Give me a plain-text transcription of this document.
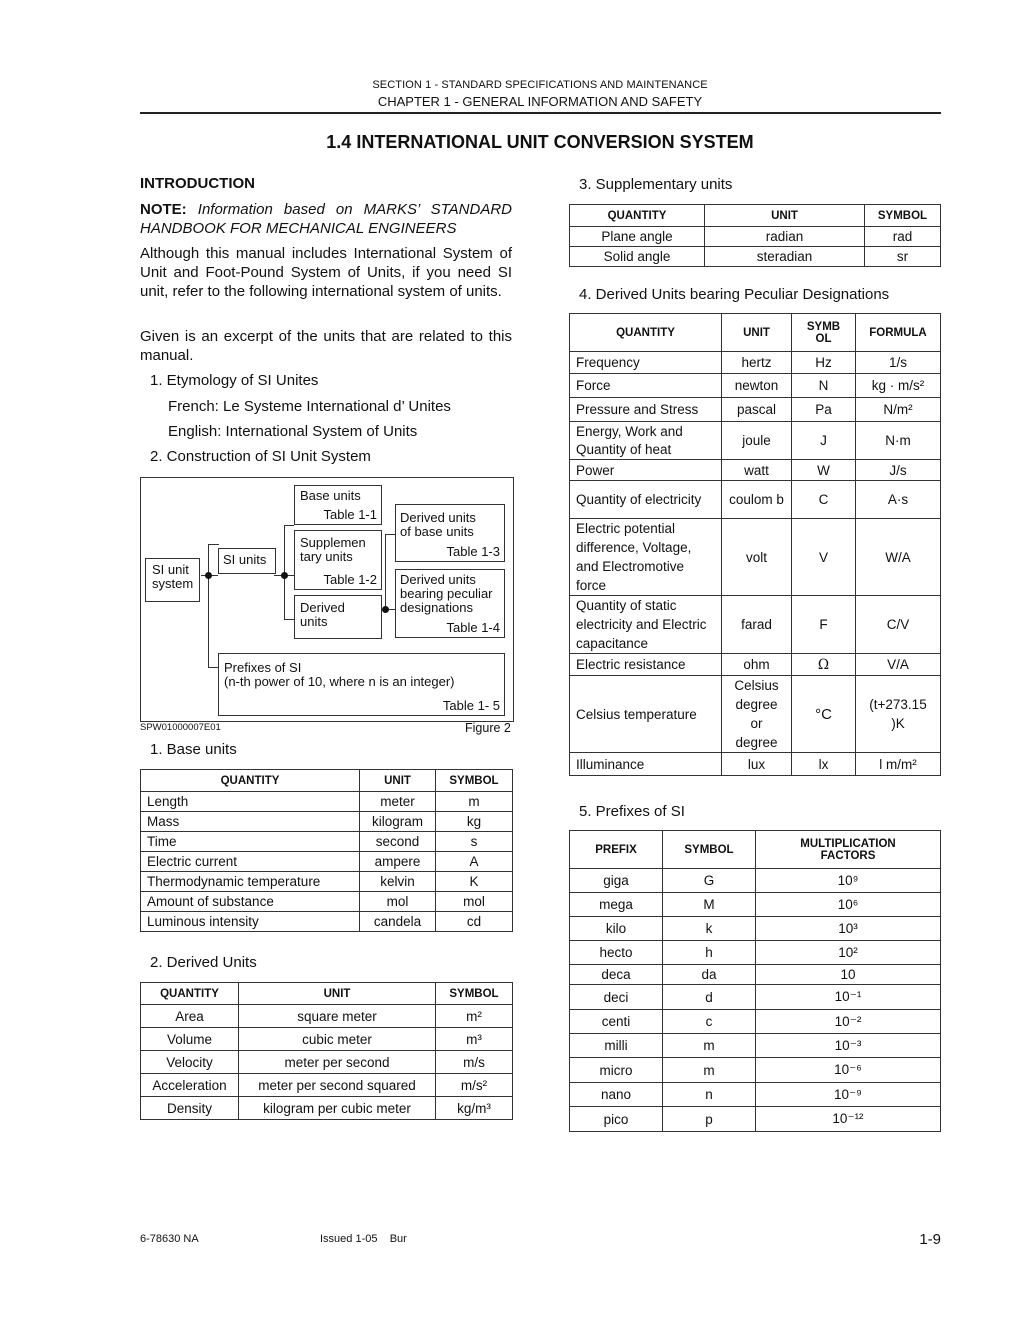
SECTION 1 - STANDARD SPECIFICATIONS AND MAINTENANCE
CHAPTER 1 - GENERAL INFORMATION AND SAFETY
1.4 INTERNATIONAL UNIT CONVERSION SYSTEM
INTRODUCTION
NOTE: Information based on MARKS’ STANDARD HANDBOOK FOR MECHANICAL ENGINEERS
Although this manual includes International System of Unit and Foot-Pound System of Units, if you need SI unit, refer to the following international system of units.
Given is an excerpt of the units that are related to this manual.
1. Etymology of SI Unites
French: Le Systeme International d’ Unites
English: International System of Units
2. Construction of SI Unit System
SI unit
system
SI units
Base units
Table 1-1
Supplemen
tary units
Table 1-2
Derived
units
Derived units
of base units
Table 1-3
Derived units
bearing peculiar
designations
Table 1-4
Prefixes of SI
(n-th power of 10, where n is an integer)
Table 1- 5
SPW01000007E01	Figure 2
1. Base units
QUANTITY	UNIT	SYMBOL
Length	meter	m
Mass	kilogram	kg
Time	second	s
Electric current	ampere	A
Thermodynamic temperature	kelvin	K
Amount of substance	mol	mol
Luminous intensity	candela	cd
2. Derived Units
QUANTITY	UNIT	SYMBOL
Area	square meter	m²
Volume	cubic meter	m³
Velocity	meter per second	m/s
Acceleration	meter per second squared	m/s²
Density	kilogram per cubic meter	kg/m³
3. Supplementary units
QUANTITY	UNIT	SYMBOL
Plane angle	radian	rad
Solid angle	steradian	sr
4. Derived Units bearing Peculiar Designations
QUANTITY	UNIT	SYMB OL	FORMULA
Frequency	hertz	Hz	1/s
Force	newton	N	kg · m/s²
Pressure and Stress	pascal	Pa	N/m²
Energy, Work and Quantity of heat	joule	J	N·m
Power	watt	W	J/s
Quantity of electricity	coulom b	C	A·s
Electric potential difference, Voltage, and Electromotive force	volt	V	W/A
Quantity of static electricity and Electric capacitance	farad	F	C/V
Electric resistance	ohm	Ω	V/A
Celsius temperature	Celsius degree or degree	°C	(t+273.15 )K
Illuminance	lux	lx	l m/m²
5. Prefixes of SI
PREFIX	SYMBOL	MULTIPLICATION FACTORS
giga	G	10⁹
mega	M	10⁶
kilo	k	10³
hecto	h	10²
deca	da	10
deci	d	10⁻¹
centi	c	10⁻²
milli	m	10⁻³
micro	m	10⁻⁶
nano	n	10⁻⁹
pico	p	10⁻¹²
6-78630 NA	Issued 1-05    Bur	1-9
